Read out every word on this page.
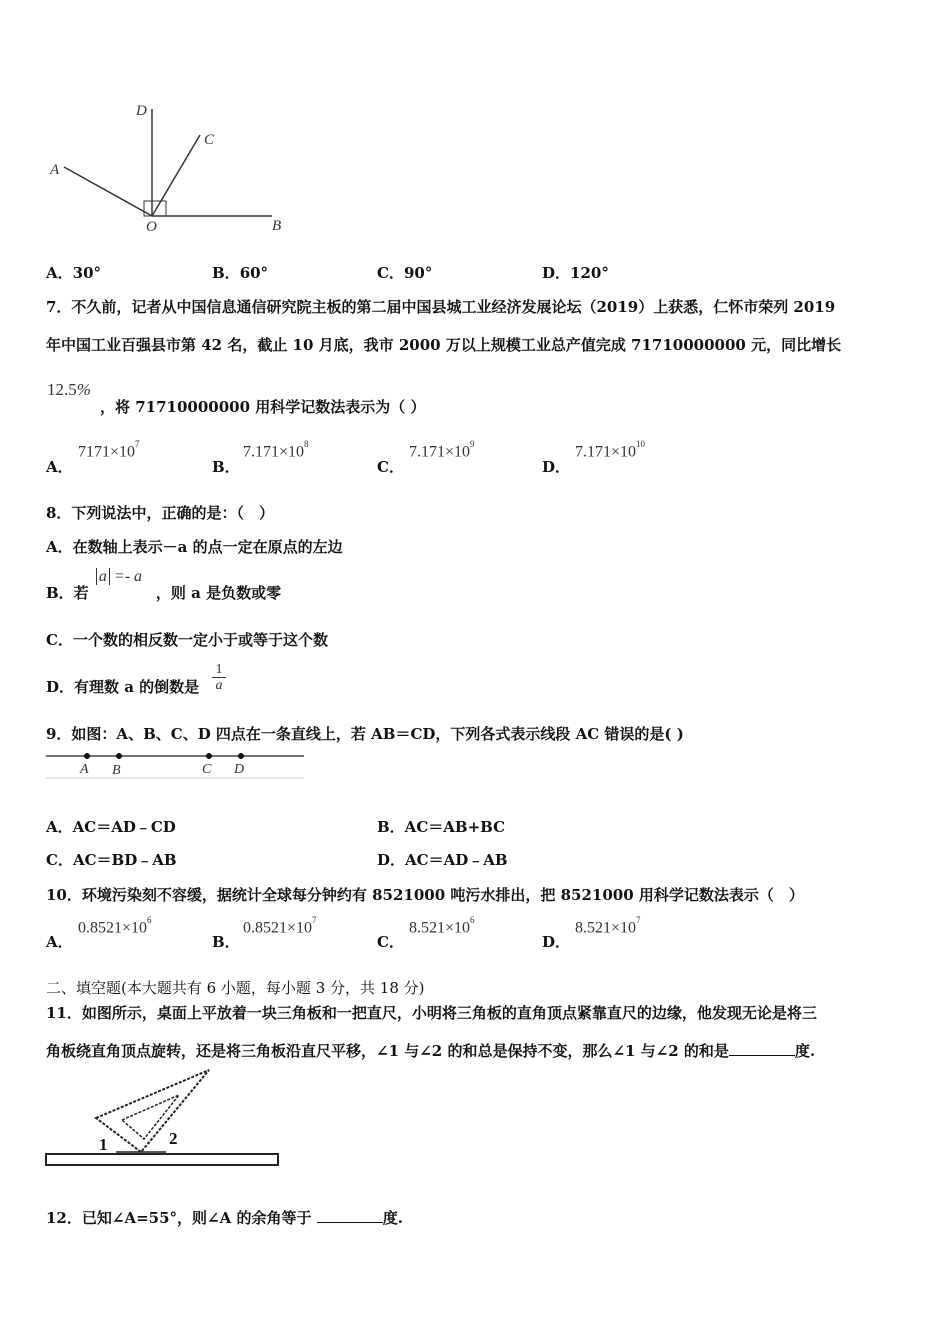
D
C
A
O	B
A．30°	B．60°	C．90°	D．120°
7．不久前，记者从中国信息通信研究院主板的第二届中国县城工业经济发展论坛（2019）上获悉，仁怀市荣列 2019
年中国工业百强县市第 42 名，截止 10 月底，我市 2000 万以上规模工业总产值完成 71710000000 元，同比增长
12.5%
，将 71710000000 用科学记数法表示为（ ）
A．
$7171\times 10^7$
B．
$7.171\times 10^8$
C．
$7.171\times 10^9$
D．
$7.171\times 10^{10}$
8．下列说法中，正确的是：（　）
A．在数轴上表示－a 的点一定在原点的左边
B．若
a =- a
，则 a 是负数或零
C．一个数的相反数一定小于或等于这个数
D．有理数 a 的倒数是
1
a
9．如图：A、B、C、D 四点在一条直线上，若 AB＝CD，下列各式表示线段 AC 错误的是( )
A B	C D
A．AC＝AD﹣CD	B．AC＝AB+BC
C．AC＝BD﹣AB	D．AC＝AD﹣AB
10．环境污染刻不容缓，据统计全球每分钟约有 8521000 吨污水排出，把 8521000 用科学记数法表示（　）
A．
$0.8521\times 10^6$
B．
$0.8521\times 10^7$
C．
$8.521\times 10^6$
D．
$8.521\times 10^7$
二、填空题(本大题共有 6 小题，每小题 3 分，共 18 分)
11．如图所示，桌面上平放着一块三角板和一把直尺，小明将三角板的直角顶点紧靠直尺的边缘，他发现无论是将三
角板绕直角顶点旋转，还是将三角板沿直尺平移，∠1 与∠2 的和总是保持不变，那么∠1 与∠2 的和是	度.
1	2
12．已知∠A=55°，则∠A 的余角等于	度.
